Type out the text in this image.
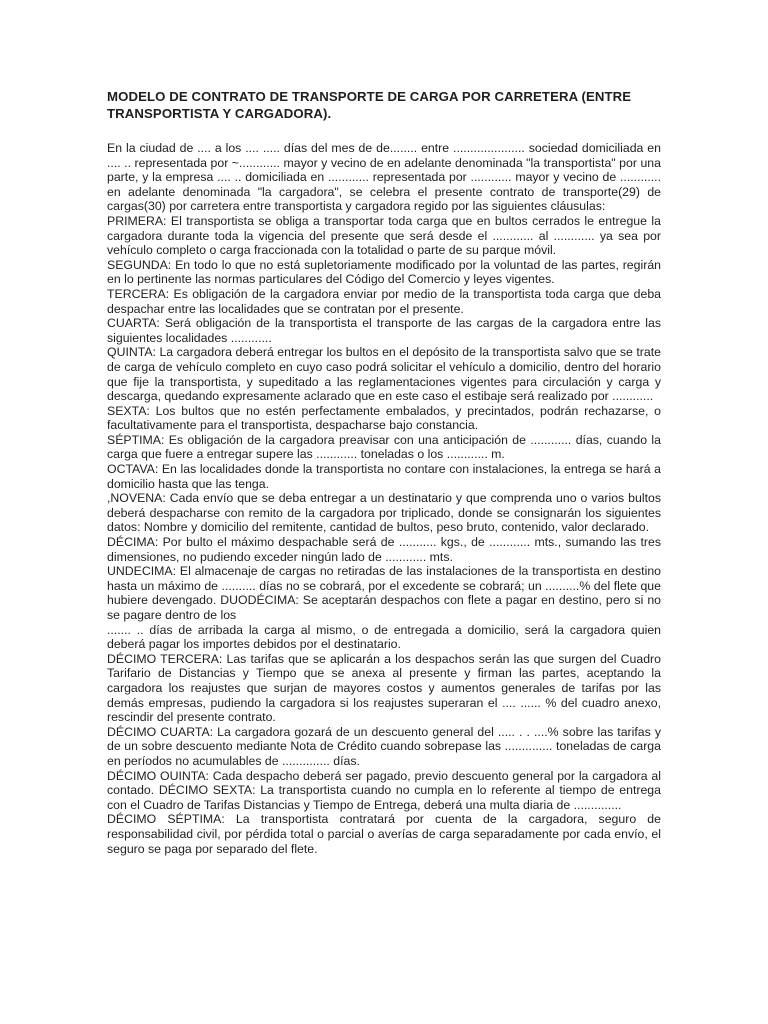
MODELO DE CONTRATO DE TRANSPORTE DE CARGA POR CARRETERA (ENTRE TRANSPORTISTA Y CARGADORA).

En la ciudad de .... a los .... ..... días del mes de de........ entre ..................... sociedad domiciliada en .... .. representada por ~............ mayor y vecino de en adelante denominada "la transportista" por una parte, y la empresa .... .. domiciliada en ............ representada por ............ mayor y vecino de ............ en adelante denominada "la cargadora", se celebra el presente contrato de transporte(29) de cargas(30) por carretera entre transportista y cargadora regido por las siguientes cláusulas:

PRIMERA: El transportista se obliga a transportar toda carga que en bultos cerrados le entregue la cargadora durante toda la vigencia del presente que será desde el ............ al ............ ya sea por vehículo completo o carga fraccionada con la totalidad o parte de su parque móvil.

SEGUNDA: En todo lo que no está supletoriamente modificado por la voluntad de las partes, regirán en lo pertinente las normas particulares del Código del Comercio y leyes vigentes.

TERCERA: Es obligación de la cargadora enviar por medio de la transportista toda carga que deba despachar entre las localidades que se contratan por el presente.

CUARTA: Será obligación de la transportista el transporte de las cargas de la cargadora entre las siguientes localidades ............

QUINTA: La cargadora deberá entregar los bultos en el depósito de la transportista salvo que se trate de carga de vehículo completo en cuyo caso podrá solicitar el vehículo a domicilio, dentro del horario que fije la transportista, y supeditado a las reglamentaciones vigentes para circulación y carga y descarga, quedando expresamente aclarado que en este caso el estibaje será realizado por ............

SEXTA: Los bultos que no estén perfectamente embalados, y precintados, podrán rechazarse, o facultativamente para el transportista, despacharse bajo constancia.

SÉPTIMA: Es obligación de la cargadora preavisar con una anticipación de ............ días, cuando la carga que fuere a entregar supere las ............ toneladas o los ............ m.

OCTAVA: En las localidades donde la transportista no contare con instalaciones, la entrega se hará a domicilio hasta que las tenga.

,NOVENA: Cada envío que se deba entregar a un destinatario y que comprenda uno o varios bultos deberá despacharse con remito de la cargadora por triplicado, donde se consignarán los siguientes datos: Nombre y domicilio del remitente, cantidad de bultos, peso bruto, contenido, valor declarado.

DÉCIMA: Por bulto el máximo despachable será de ........... kgs., de ............ mts., sumando las tres dimensiones, no pudiendo exceder ningún lado de ............ mts.

UNDECIMA: El almacenaje de cargas no retiradas de las instalaciones de la transportista en destino hasta un máximo de .......... días no se cobrará, por el excedente se cobrará; un ..........% del flete que hubiere devengado. DUODÉCIMA: Se aceptarán despachos con flete a pagar en destino, pero si no se pagare dentro de los

....... .. días de arribada la carga al mismo, o de entregada a domicilio, será la cargadora quien deberá pagar los importes debidos por el destinatario.

DÉCIMO TERCERA: Las tarifas que se aplicarán a los despachos serán las que surgen del Cuadro Tarifario de Distancias y Tiempo que se anexa al presente y firman las partes, aceptando la cargadora los reajustes que surjan de mayores costos y aumentos generales de tarifas por las demás empresas, pudiendo la cargadora si los reajustes superaran el .... ...... % del cuadro anexo, rescindir del presente contrato.

DÉCIMO CUARTA: La cargadora gozará de un descuento general del ..... . . ....% sobre las tarifas y de un sobre descuento mediante Nota de Crédito cuando sobrepase las .............. toneladas de carga en períodos no acumulables de .............. días.

DÉCIMO OUINTA: Cada despacho deberá ser pagado, previo descuento general por la cargadora al contado. DÉCIMO SEXTA: La transportista cuando no cumpla en lo referente al tiempo de entrega con el Cuadro de Tarifas Distancias y Tiempo de Entrega, deberá una multa diaria de ..............

DÉCIMO SÉPTIMA: La transportista contratará por cuenta de la cargadora, seguro de responsabilidad civil, por pérdida total o parcial o averías de carga separadamente por cada envío, el seguro se paga por separado del flete.
